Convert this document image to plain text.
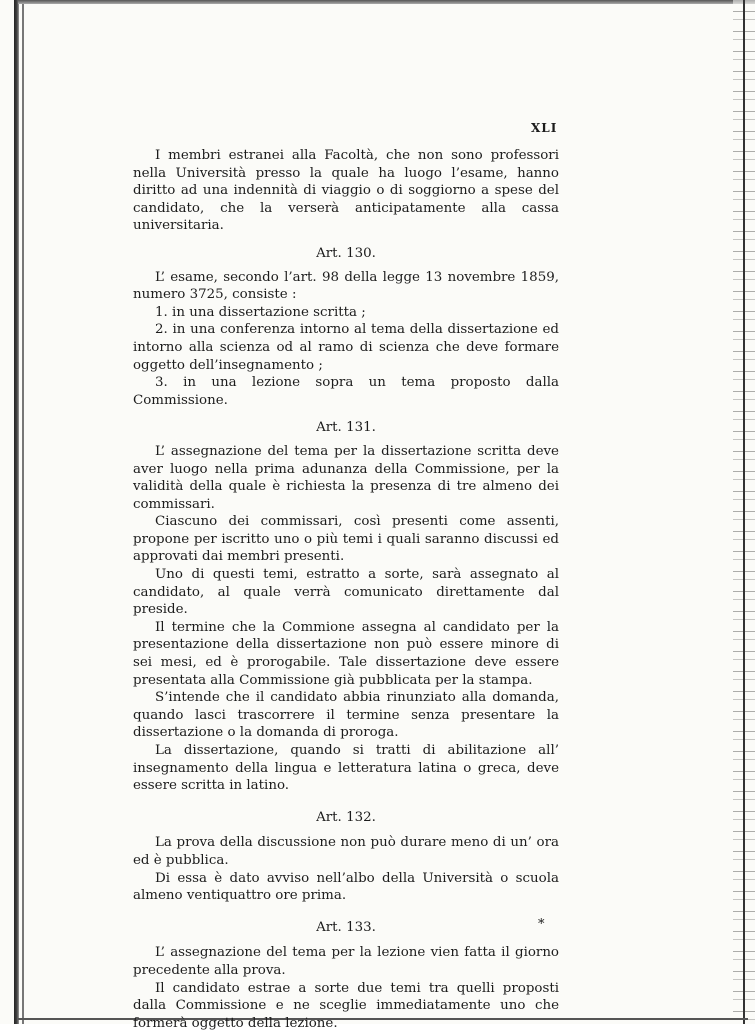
XLI

I membri estranei alla Facoltà, che non sono professori nella Università presso la quale ha luogo l’esame, hanno diritto ad una indennità di viaggio o di soggiorno a spese del candidato, che la verserà anticipatamente alla cassa universitaria.

Art. 130.

L’ esame, secondo l’art. 98 della legge 13 novembre 1859, numero 3725, consiste :

1. in una dissertazione scritta ;

2. in una conferenza intorno al tema della dissertazione ed intorno alla scienza od al ramo di scienza che deve formare oggetto dell’insegnamento ;

3. in una lezione sopra un tema proposto dalla Commissione.

Art. 131.

L’ assegnazione del tema per la dissertazione scritta deve aver luogo nella prima adunanza della Commissione, per la validità della quale è richiesta la presenza di tre almeno dei commissari.

Ciascuno dei commissari, così presenti come assenti, propone per iscritto uno o più temi i quali saranno discussi ed approvati dai membri presenti.

Uno di questi temi, estratto a sorte, sarà assegnato al candidato, al quale verrà comunicato direttamente dal preside.

Il termine che la Commione assegna al candidato per la presentazione della dissertazione non può essere minore di sei mesi, ed è prorogabile. Tale dissertazione deve essere presentata alla Commissione già pubblicata per la stampa.

S’intende che il candidato abbia rinunziato alla domanda, quando lasci trascorrere il termine senza presentare la dissertazione o la domanda di proroga.

La dissertazione, quando si tratti di abilitazione all’ insegnamento della lingua e letteratura latina o greca, deve essere scritta in latino.

Art. 132.

La prova della discussione non può durare meno di un’ ora ed è pubblica.

Di essa è dato avviso nell’albo della Università o scuola almeno ventiquattro ore prima.

Art. 133.

L’ assegnazione del tema per la lezione vien fatta il giorno precedente alla prova.

Il candidato estrae a sorte due temi tra quelli proposti dalla Commissione e ne sceglie immediatamente uno che formerà oggetto della lezione.

*
